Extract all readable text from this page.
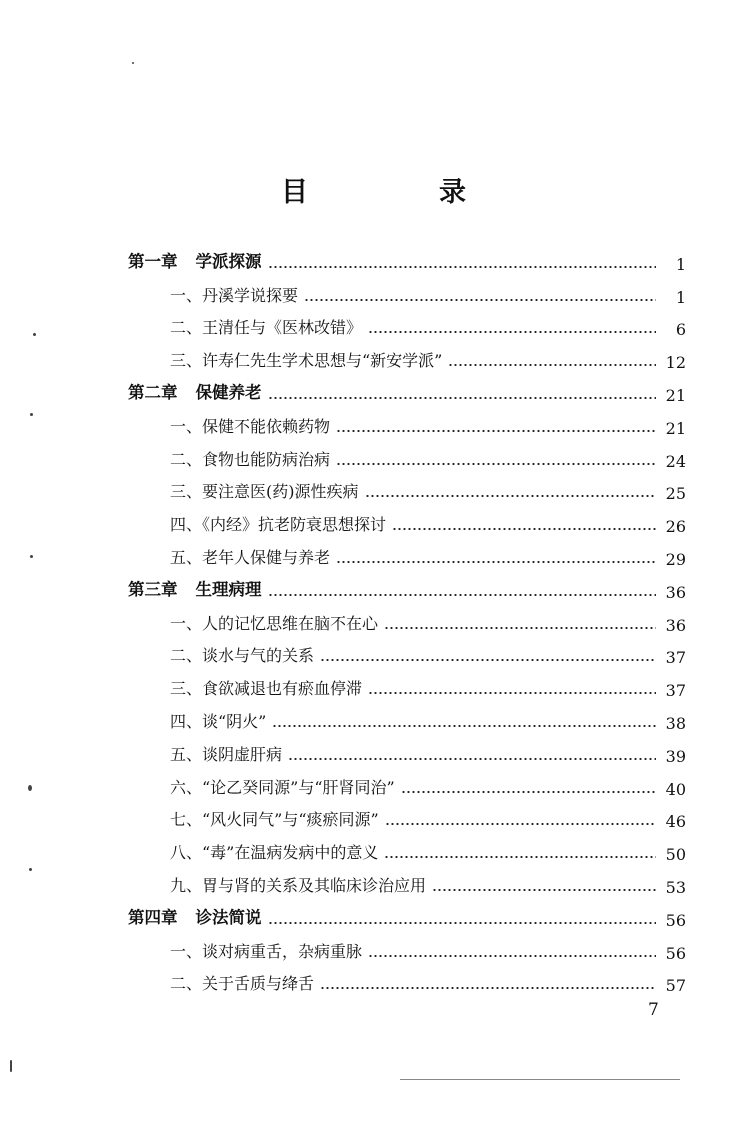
目　录
第一章 学派探源	1
一、丹溪学说探要	1
二、王清任与《医林改错》	6
三、许寿仁先生学术思想与“新安学派”	12
第二章 保健养老	21
一、保健不能依赖药物	21
二、食物也能防病治病	24
三、要注意医(药)源性疾病	25
四、《内经》抗老防衰思想探讨	26
五、老年人保健与养老	29
第三章 生理病理	36
一、人的记忆思维在脑不在心	36
二、谈水与气的关系	37
三、食欲减退也有瘀血停滞	37
四、谈“阴火”	38
五、谈阴虚肝病	39
六、“论乙癸同源”与“肝肾同治”	40
七、“风火同气”与“痰瘀同源”	46
八、“毒”在温病发病中的意义	50
九、胃与肾的关系及其临床诊治应用	53
第四章 诊法简说	56
一、谈对病重舌，杂病重脉	56
二、关于舌质与绛舌	57
7
